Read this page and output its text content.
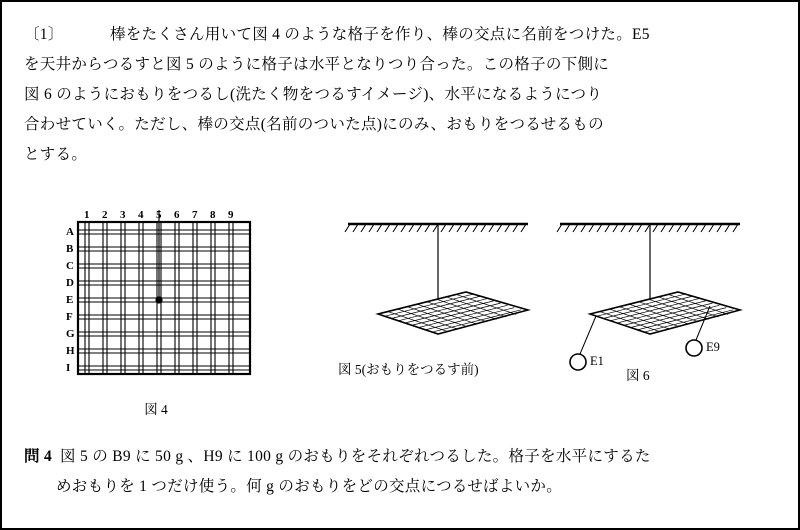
〔1〕	棒をたくさん用いて図 4 のような格子を作り、棒の交点に名前をつけた。E5
を天井からつるすと図 5 のように格子は水平となりつり合った。この格子の下側に
図 6 のようにおもりをつるし(洗たく物をつるすイメージ)、水平になるようにつり
合わせていく。ただし、棒の交点(名前のついた点)にのみ、おもりをつるせるもの
とする。
1 2 3 4 5 6 7 8 9
A
B
C
D
E
F
G
H
I	E1
E9
図 4
図 5(おもりをつるす前)	図 6
問 4 図 5 の B9 に 50 g 、H9 に 100 g のおもりをそれぞれつるした。格子を水平にするた
めおもりを 1 つだけ使う。何 g のおもりをどの交点につるせばよいか。
